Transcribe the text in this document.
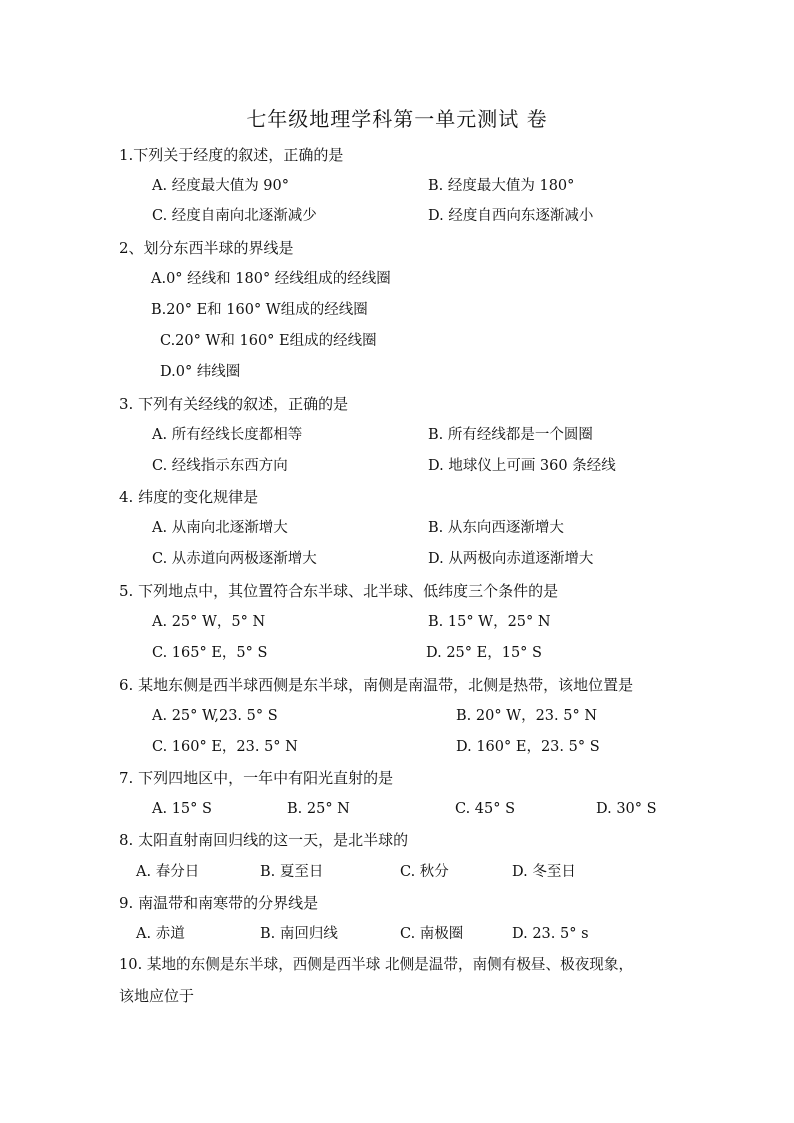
七年级地理学科第一单元测试 卷
1.下列关于经度的叙述，正确的是
A. 经度最大值为 90°	B. 经度最大值为 180°
C. 经度自南向北逐渐减少	D. 经度自西向东逐渐减小
2、划分东西半球的界线是
A.0° 经线和 180° 经线组成的经线圈
B.20° E和 160° W组成的经线圈
C.20° W和 160° E组成的经线圈
D.0° 纬线圈
3. 下列有关经线的叙述，正确的是
A. 所有经线长度都相等	B. 所有经线都是一个圆圈
C. 经线指示东西方向	D. 地球仪上可画 360 条经线
4. 纬度的变化规律是
A. 从南向北逐渐增大	B. 从东向西逐渐增大
C. 从赤道向两极逐渐增大	D. 从两极向赤道逐渐增大
5. 下列地点中，其位置符合东半球、北半球、低纬度三个条件的是
A. 25° W，5° N	B. 15° W，25° N
C. 165° E，5° S	D. 25° E，15° S
6. 某地东侧是西半球西侧是东半球，南侧是南温带，北侧是热带，该地位置是
A. 25° W,23. 5° S	B. 20° W，23. 5° N
C. 160° E，23. 5° N	D. 160° E，23. 5° S
7. 下列四地区中，一年中有阳光直射的是
A. 15° S	B. 25° N	C. 45° S	D. 30° S
8. 太阳直射南回归线的这一天，是北半球的
A. 春分日	B. 夏至日	C. 秋分	D. 冬至日
9. 南温带和南寒带的分界线是
A. 赤道	B. 南回归线	C. 南极圈	D. 23. 5° s
10. 某地的东侧是东半球，西侧是西半球 北侧是温带，南侧有极昼、极夜现象，
该地应位于
